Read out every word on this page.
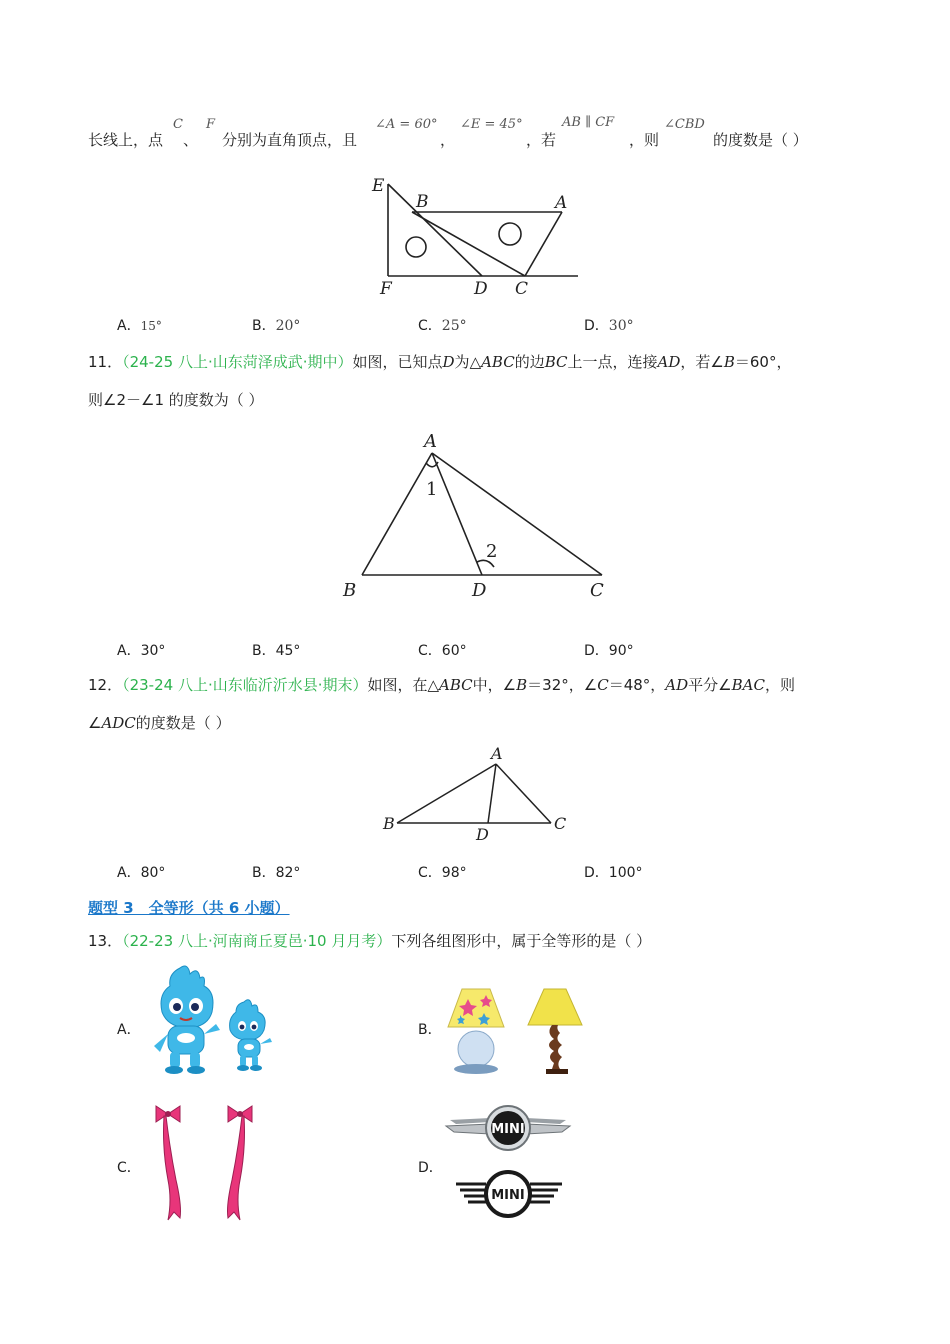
长线上，点
C
、
F
分别为直角顶点，且
∠A = 60°
，
∠E = 45°
，若
AB ∥ CF
，则
∠CBD
的度数是（ ）
E
B	A
F	D C
A．15°	B．20°	C．25°	D．30°
11．（24-25 八上·山东菏泽成武·期中）如图，已知点D为△ABC的边BC上一点，连接AD，若∠B＝60°，
则∠2－∠1 的度数为（ ）
A
1
2
B	D	C
A．30°	B．45°	C．60°	D．90°
12．（23-24 八上·山东临沂沂水县·期末）如图，在△ABC中，∠B＝32°，∠C＝48°，AD平分∠BAC，则
∠ADC的度数是（ ）
A
B
D
C
A．80°	B．82°	C．98°	D．100°
题型 3　全等形（共 6 小题）
13．（22-23 八上·河南商丘夏邑·10 月月考）下列各组图形中，属于全等形的是（ ）
A．	B．
C．	D．
MINI
MINI
